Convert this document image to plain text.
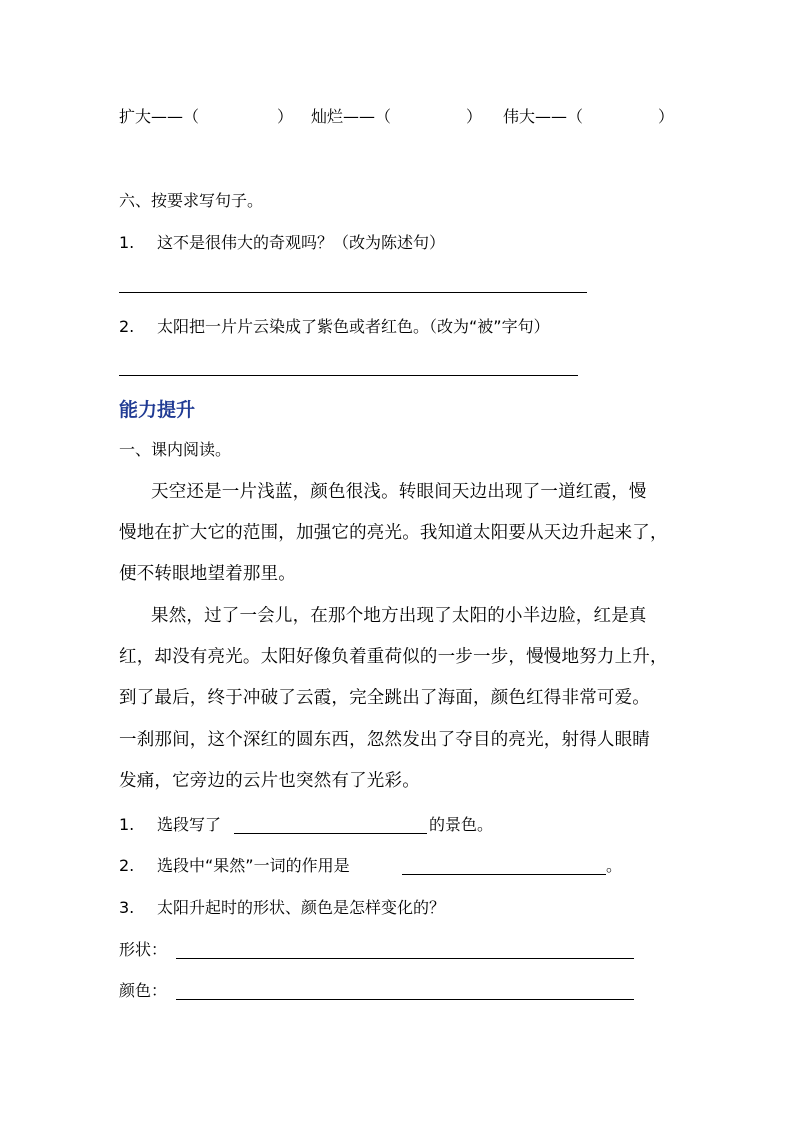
扩大——（	） 灿烂——（	） 伟大——（	）
六、按要求写句子。
1. 这不是很伟大的奇观吗？（改为陈述句）
2. 太阳把一片片云染成了紫色或者红色。（改为“被”字句）
能力提升
一、课内阅读。
天空还是一片浅蓝，颜色很浅。转眼间天边出现了一道红霞，慢
慢地在扩大它的范围，加强它的亮光。我知道太阳要从天边升起来了，
便不转眼地望着那里。
果然，过了一会儿，在那个地方出现了太阳的小半边脸，红是真
红，却没有亮光。太阳好像负着重荷似的一步一步，慢慢地努力上升，
到了最后，终于冲破了云霞，完全跳出了海面，颜色红得非常可爱。
一刹那间，这个深红的圆东西，忽然发出了夺目的亮光，射得人眼睛
发痛，它旁边的云片也突然有了光彩。
1. 选段写了	的景色。
2. 选段中“果然”一词的作用是	。
3. 太阳升起时的形状、颜色是怎样变化的？
形状：
颜色：
